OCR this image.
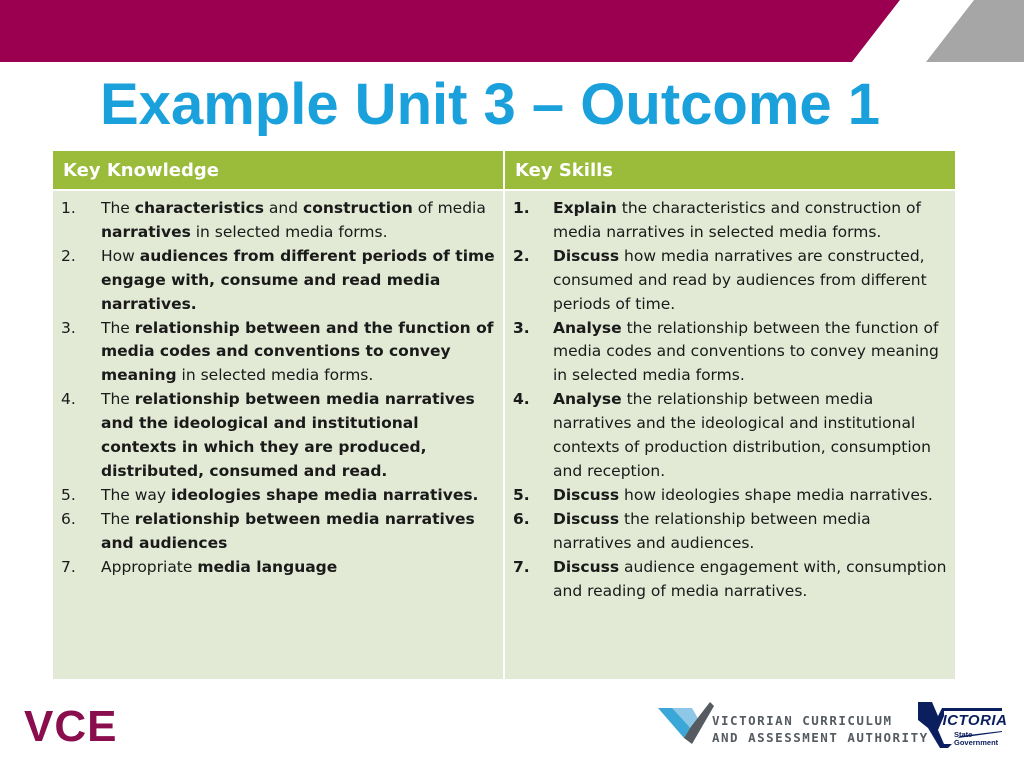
Example Unit 3 – Outcome 1
Key Knowledge	Key Skills
1.	The characteristics and construction of media narratives in selected media forms.
2.	How audiences from different periods of time engage with, consume and read media narratives.
3.	The relationship between and the function of media codes and conventions to convey meaning in selected media forms.
4.	The relationship between media narratives and the ideological and institutional contexts in which they are produced, distributed, consumed and read.
5.	The way ideologies shape media narratives.
6.	The relationship between media narratives and audiences
7.	Appropriate media language
1.	Explain the characteristics and construction of media narratives in selected media forms.
2.	Discuss how media narratives are constructed, consumed and read by audiences from different periods of time.
3.	Analyse the relationship between the function of media codes and conventions to convey meaning in selected media forms.
4.	Analyse the relationship between media narratives and the ideological and institutional contexts of production distribution, consumption and reception.
5.	Discuss how ideologies shape media narratives.
6.	Discuss the relationship between media narratives and audiences.
7.	Discuss audience engagement with, consumption and reading of media narratives.
VCE	VICTORIAN CURRICULUM
AND ASSESSMENT AUTHORITY
VICTORIA
State
Government
